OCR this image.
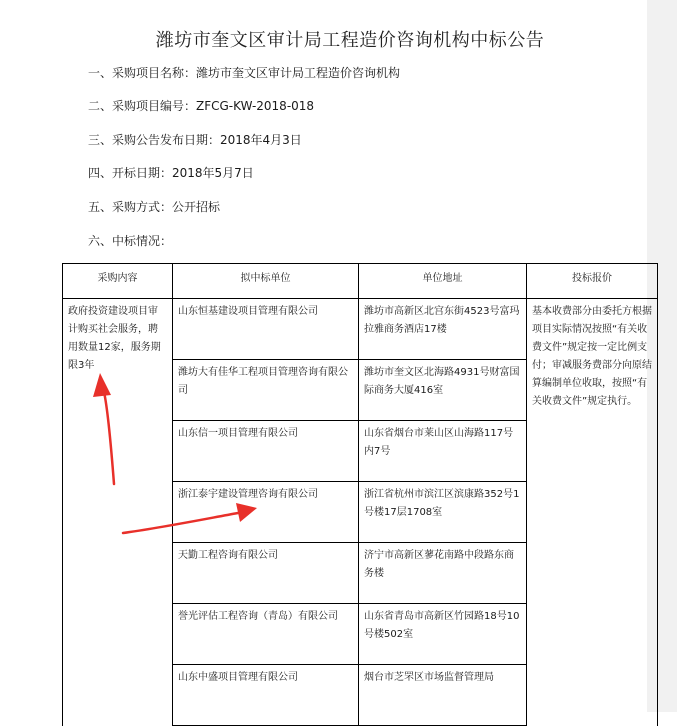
潍坊市奎文区审计局工程造价咨询机构中标公告
一、采购项目名称：潍坊市奎文区审计局工程造价咨询机构
二、采购项目编号：ZFCG-KW-2018-018
三、采购公告发布日期：2018年4月3日
四、开标日期：2018年5月7日
五、采购方式：公开招标
六、中标情况：
采购内容	拟中标单位	单位地址	投标报价
政府投资建设项目审计购买社会服务，聘用数量12家，服务期限3年	山东恒基建设项目管理有限公司	潍坊市高新区北宫东街4523号富玛拉雅商务酒店17楼	基本收费部分由委托方根据项目实际情况按照“有关收费文件”规定按一定比例支付；审减服务费部分向原结算编制单位收取，按照“有关收费文件”规定执行。
	潍坊大有佳华工程项目管理咨询有限公司	潍坊市奎文区北海路4931号财富国际商务大厦416室	
	山东信一项目管理有限公司	山东省烟台市莱山区山海路117号内7号	
	浙江泰宇建设管理咨询有限公司	浙江省杭州市滨江区滨康路352号1号楼17层1708室	
	天勤工程咨询有限公司	济宁市高新区蓼花南路中段路东商务楼	
	誉光评估工程咨询（青岛）有限公司	山东省青岛市高新区竹园路18号10号楼502室	
	山东中盛项目管理有限公司	烟台市芝罘区市场监督管理局	
